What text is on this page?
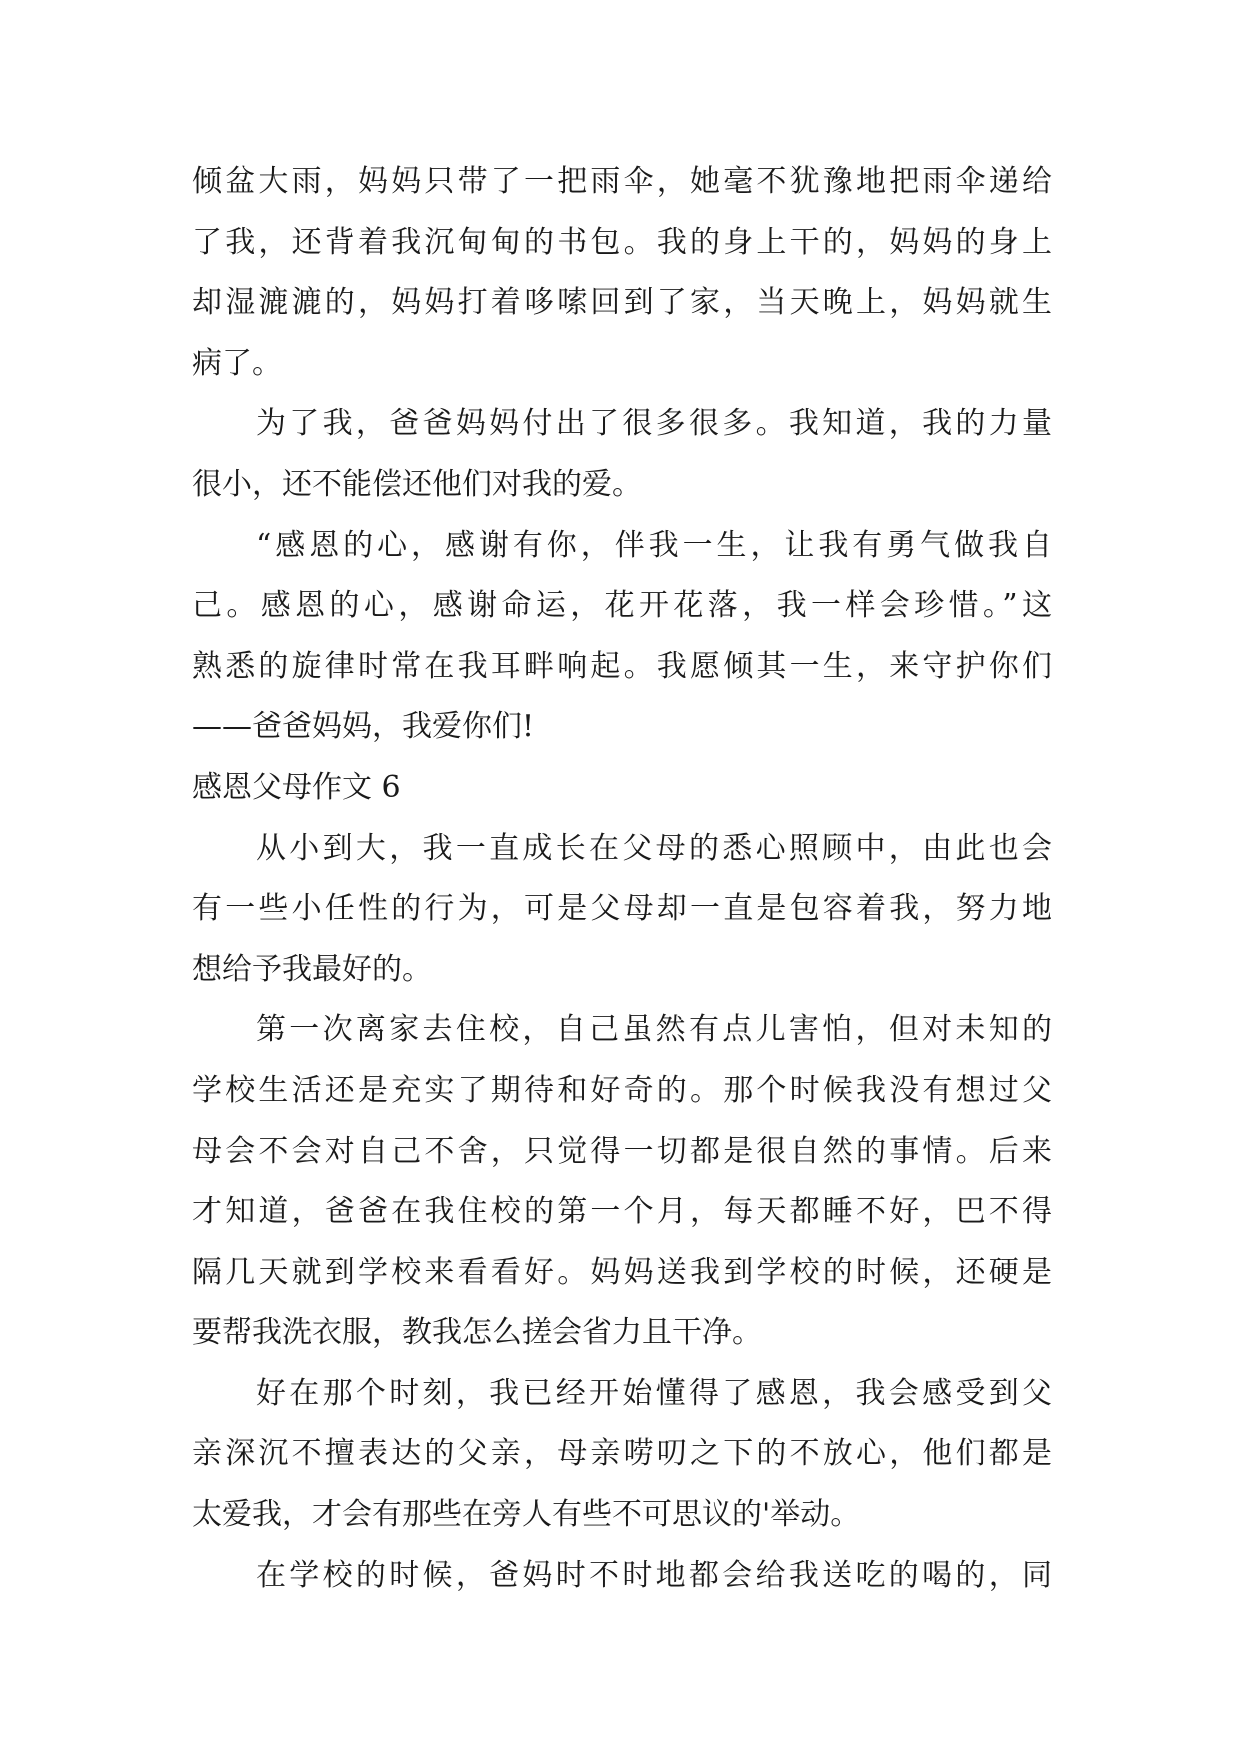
倾盆大雨，妈妈只带了一把雨伞，她毫不犹豫地把雨伞递给
了我，还背着我沉甸甸的书包。我的身上干的，妈妈的身上
却湿漉漉的，妈妈打着哆嗦回到了家，当天晚上，妈妈就生
病了。
为了我，爸爸妈妈付出了很多很多。我知道，我的力量
很小，还不能偿还他们对我的爱。
“感恩的心，感谢有你，伴我一生，让我有勇气做我自
己。感恩的心，感谢命运，花开花落，我一样会珍惜。”这
熟悉的旋律时常在我耳畔响起。我愿倾其一生，来守护你们
——爸爸妈妈，我爱你们!
感恩父母作文 6
从小到大，我一直成长在父母的悉心照顾中，由此也会
有一些小任性的行为，可是父母却一直是包容着我，努力地
想给予我最好的。
第一次离家去住校，自己虽然有点儿害怕，但对未知的
学校生活还是充实了期待和好奇的。那个时候我没有想过父
母会不会对自己不舍，只觉得一切都是很自然的事情。后来
才知道，爸爸在我住校的第一个月，每天都睡不好，巴不得
隔几天就到学校来看看好。妈妈送我到学校的时候，还硬是
要帮我洗衣服，教我怎么搓会省力且干净。
好在那个时刻，我已经开始懂得了感恩，我会感受到父
亲深沉不擅表达的父亲，母亲唠叨之下的不放心，他们都是
太爱我，才会有那些在旁人有些不可思议的'举动。
在学校的时候，爸妈时不时地都会给我送吃的喝的，同
